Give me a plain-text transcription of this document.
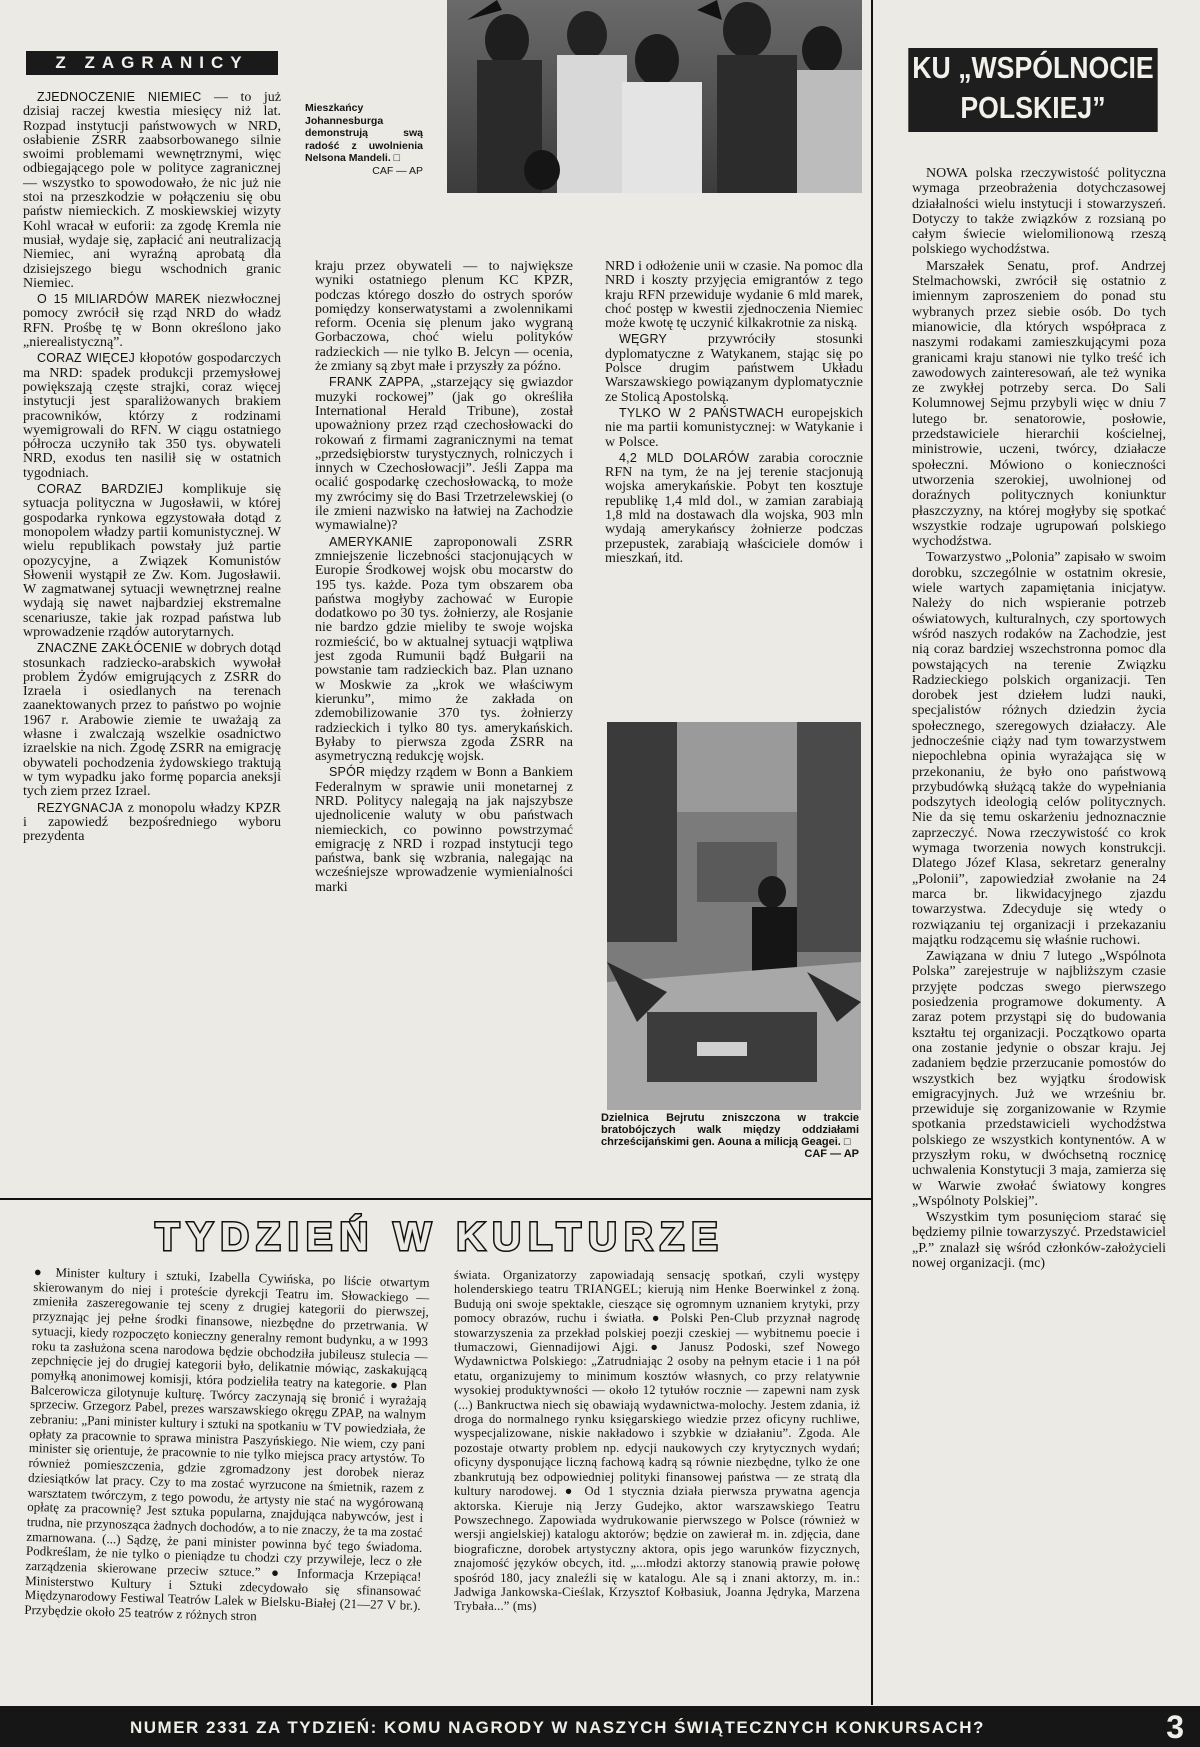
Z ZAGRANICY
Mieszkańcy Johannesburga demonstrują swą radość z uwolnienia Nelsona Mandeli. □
CAF — AP
KU „WSPÓLNOCIE
POLSKIEJ”

ZJEDNOCZENIE NIEMIEC — to już dzisiaj raczej kwestia miesięcy niż lat. Rozpad instytucji państwowych w NRD, osłabienie ZSRR zaabsorbowanego silnie swoimi problemami wewnętrznymi, więc odbiegającego pole w polityce zagranicznej — wszystko to spowodowało, że nic już nie stoi na przeszkodzie w połączeniu się obu państw niemieckich. Z moskiewskiej wizyty Kohl wracał w euforii: za zgodę Kremla nie musiał, wydaje się, zapłacić ani neutralizacją Niemiec, ani wyraźną aprobatą dla dzisiejszego biegu wschodnich granic Niemiec.

O 15 MILIARDÓW MAREK niezwłocznej pomocy zwrócił się rząd NRD do władz RFN. Prośbę tę w Bonn określono jako „nierealistyczną”.

CORAZ WIĘCEJ kłopotów gospodarczych ma NRD: spadek produkcji przemysłowej powiększają częste strajki, coraz więcej instytucji jest sparaliżowanych brakiem pracowników, którzy z rodzinami wyemigrowali do RFN. W ciągu ostatniego półrocza uczyniło tak 350 tys. obywateli NRD, exodus ten nasilił się w ostatnich tygodniach.

CORAZ BARDZIEJ komplikuje się sytuacja polityczna w Jugosławii, w której gospodarka rynkowa egzystowała dotąd z monopolem władzy partii komunistycznej. W wielu republikach powstały już partie opozycyjne, a Związek Komunistów Słowenii wystąpił ze Zw. Kom. Jugosławii. W zagmatwanej sytuacji wewnętrznej realne wydają się nawet najbardziej ekstremalne scenariusze, takie jak rozpad państwa lub wprowadzenie rządów autorytarnych.

ZNACZNE ZAKŁÓCENIE w dobrych dotąd stosunkach radziecko-arabskich wywołał problem Żydów emigrujących z ZSRR do Izraela i osiedlanych na terenach zaanektowanych przez to państwo po wojnie 1967 r. Arabowie ziemie te uważają za własne i zwalczają wszelkie osadnictwo izraelskie na nich. Zgodę ZSRR na emigrację obywateli pochodzenia żydowskiego traktują w tym wypadku jako formę poparcia aneksji tych ziem przez Izrael.

REZYGNACJA z monopolu władzy KPZR i zapowiedź bezpośredniego wyboru prezydenta

kraju przez obywateli — to największe wyniki ostatniego plenum KC KPZR, podczas którego doszło do ostrych sporów pomiędzy konserwatystami a zwolennikami reform. Ocenia się plenum jako wygraną Gorbaczowa, choć wielu polityków radzieckich — nie tylko B. Jelcyn — ocenia, że zmiany są zbyt małe i przyszły za późno.

FRANK ZAPPA, „starzejący się gwiazdor muzyki rockowej” (jak go określiła International Herald Tribune), został upoważniony przez rząd czechosłowacki do rokowań z firmami zagranicznymi na temat „przedsiębiorstw turystycznych, rolniczych i innych w Czechosłowacji”. Jeśli Zappa ma ocalić gospodarkę czechosłowacką, to może my zwrócimy się do Basi Trzetrzelewskiej (o ile zmieni nazwisko na łatwiej na Zachodzie wymawialne)?

AMERYKANIE zaproponowali ZSRR zmniejszenie liczebności stacjonujących w Europie Środkowej wojsk obu mocarstw do 195 tys. każde. Poza tym obszarem oba państwa mogłyby zachować w Europie dodatkowo po 30 tys. żołnierzy, ale Rosjanie nie bardzo gdzie mieliby te swoje wojska rozmieścić, bo w aktualnej sytuacji wątpliwa jest zgoda Rumunii bądź Bułgarii na powstanie tam radzieckich baz. Plan uznano w Moskwie za „krok we właściwym kierunku”, mimo że zakłada on zdemobilizowanie 370 tys. żołnierzy radzieckich i tylko 80 tys. amerykańskich. Byłaby to pierwsza zgoda ZSRR na asymetryczną redukcję wojsk.

SPÓR między rządem w Bonn a Bankiem Federalnym w sprawie unii monetarnej z NRD. Politycy nalegają na jak najszybsze ujednolicenie waluty w obu państwach niemieckich, co powinno powstrzymać emigrację z NRD i rozpad instytucji tego państwa, bank się wzbrania, nalegając na wcześniejsze wprowadzenie wymienialności marki

NRD i odłożenie unii w czasie. Na pomoc dla NRD i koszty przyjęcia emigrantów z tego kraju RFN przewiduje wydanie 6 mld marek, choć postęp w kwestii zjednoczenia Niemiec może kwotę tę uczynić kilkakrotnie za niską.

WĘGRY przywróciły stosunki dyplomatyczne z Watykanem, stając się po Polsce drugim państwem Układu Warszawskiego powiązanym dyplomatycznie ze Stolicą Apostolską.

TYLKO W 2 PAŃSTWACH europejskich nie ma partii komunistycznej: w Watykanie i w Polsce.

4,2 MLD DOLARÓW zarabia corocznie RFN na tym, że na jej terenie stacjonują wojska amerykańskie. Pobyt ten kosztuje republikę 1,4 mld dol., w zamian zarabiają 1,8 mld na dostawach dla wojska, 903 mln wydają amerykańscy żołnierze podczas przepustek, zarabiają właściciele domów i mieszkań, itd.

Dzielnica Bejrutu zniszczona w trakcie bratobójczych walk między oddziałami chrześcijańskimi gen. Aouna a milicją Geagei. □
CAF — AP

NOWA polska rzeczywistość polityczna wymaga przeobrażenia dotychczasowej działalności wielu instytucji i stowarzyszeń. Dotyczy to także związków z rozsianą po całym świecie wielomilionową rzeszą polskiego wychodźstwa.

Marszałek Senatu, prof. Andrzej Stelmachowski, zwrócił się ostatnio z imiennym zaproszeniem do ponad stu wybranych przez siebie osób. Do tych mianowicie, dla których współpraca z naszymi rodakami zamieszkującymi poza granicami kraju stanowi nie tylko treść ich zawodowych zainteresowań, ale też wynika ze zwykłej potrzeby serca. Do Sali Kolumnowej Sejmu przybyli więc w dniu 7 lutego br. senatorowie, posłowie, przedstawiciele hierarchii kościelnej, ministrowie, uczeni, twórcy, działacze społeczni. Mówiono o konieczności utworzenia szerokiej, uwolnionej od doraźnych politycznych koniunktur płaszczyzny, na której mogłyby się spotkać wszystkie rodzaje ugrupowań polskiego wychodźstwa.

Towarzystwo „Polonia” zapisało w swoim dorobku, szczególnie w ostatnim okresie, wiele wartych zapamiętania inicjatyw. Należy do nich wspieranie potrzeb oświatowych, kulturalnych, czy sportowych wśród naszych rodaków na Zachodzie, jest nią coraz bardziej wszechstronna pomoc dla powstających na terenie Związku Radzieckiego polskich organizacji. Ten dorobek jest dziełem ludzi nauki, specjalistów różnych dziedzin życia społecznego, szeregowych działaczy. Ale jednocześnie ciąży nad tym towarzystwem niepochlebna opinia wyrażająca się w przekonaniu, że było ono państwową przybudówką służącą także do wypełniania podszytych ideologią celów politycznych. Nie da się temu oskarżeniu jednoznacznie zaprzeczyć. Nowa rzeczywistość co krok wymaga tworzenia nowych konstrukcji. Dlatego Józef Klasa, sekretarz generalny „Polonii”, zapowiedział zwołanie na 24 marca br. likwidacyjnego zjazdu towarzystwa. Zdecyduje się wtedy o rozwiązaniu tej organizacji i przekazaniu majątku rodzącemu się właśnie ruchowi.

Zawiązana w dniu 7 lutego „Wspólnota Polska” zarejestruje w najbliższym czasie przyjęte podczas swego pierwszego posiedzenia programowe dokumenty. A zaraz potem przystąpi się do budowania kształtu tej organizacji. Początkowo oparta ona zostanie jedynie o obszar kraju. Jej zadaniem będzie przerzucanie pomostów do wszystkich bez wyjątku środowisk emigracyjnych. Już we wrześniu br. przewiduje się zorganizowanie w Rzymie spotkania przedstawicieli wychodźstwa polskiego ze wszystkich kontynentów. A w przyszłym roku, w dwóchsetną rocznicę uchwalenia Konstytucji 3 maja, zamierza się w Warwie zwołać światowy kongres „Wspólnoty Polskiej”.

Wszystkim tym posunięciom starać się będziemy pilnie towarzyszyć. Przedstawiciel „P.” znalazł się wśród członków-założycieli nowej organizacji. (mc)

TYDZIEŃ W KULTURZE

● Minister kultury i sztuki, Izabella Cywińska, po liście otwartym skierowanym do niej i proteście dyrekcji Teatru im. Słowackiego — zmieniła zaszeregowanie tej sceny z drugiej kategorii do pierwszej, przyznając jej pełne środki finansowe, niezbędne do przetrwania. W sytuacji, kiedy rozpoczęto konieczny generalny remont budynku, a w 1993 roku ta zasłużona scena narodowa będzie obchodziła jubileusz stulecia — zepchnięcie jej do drugiej kategorii było, delikatnie mówiąc, zaskakującą pomyłką anonimowej komisji, która podzieliła teatry na kategorie. ● Plan Balcerowicza gilotynuje kulturę. Twórcy zaczynają się bronić i wyrażają sprzeciw. Grzegorz Pabel, prezes warszawskiego okręgu ZPAP, na walnym zebraniu: „Pani minister kultury i sztuki na spotkaniu w TV powiedziała, że opłaty za pracownie to sprawa ministra Paszyńskiego. Nie wiem, czy pani minister się orientuje, że pracownie to nie tylko miejsca pracy artystów. To również pomieszczenia, gdzie zgromadzony jest dorobek nieraz dziesiątków lat pracy. Czy to ma zostać wyrzucone na śmietnik, razem z warsztatem twórczym, z tego powodu, że artysty nie stać na wygórowaną opłatę za pracownię? Jest sztuka popularna, znajdująca nabywców, jest i trudna, nie przynosząca żadnych dochodów, a to nie znaczy, że ta ma zostać zmarnowana. (...) Sądzę, że pani minister powinna być tego świadoma. Podkreślam, że nie tylko o pieniądze tu chodzi czy przywileje, lecz o złe zarządzenia skierowane przeciw sztuce.” ● Informacja Krzepiąca! Ministerstwo Kultury i Sztuki zdecydowało się sfinansować Międzynarodowy Festiwal Teatrów Lalek w Bielsku-Białej (21—27 V br.). Przybędzie około 25 teatrów z różnych stron

świata. Organizatorzy zapowiadają sensację spotkań, czyli występy holenderskiego teatru TRIANGEL; kierują nim Henke Boerwinkel z żoną. Budują oni swoje spektakle, cieszące się ogromnym uznaniem krytyki, przy pomocy obrazów, ruchu i światła. ● Polski Pen-Club przyznał nagrodę stowarzyszenia za przekład polskiej poezji czeskiej — wybitnemu poecie i tłumaczowi, Giennadijowi Ajgi. ● Janusz Podoski, szef Nowego Wydawnictwa Polskiego: „Zatrudniając 2 osoby na pełnym etacie i 1 na pół etatu, organizujemy to minimum kosztów własnych, co przy relatywnie wysokiej produktywności — około 12 tytułów rocznie — zapewni nam zysk (...) Bankructwa niech się obawiają wydawnictwa-molochy. Jestem zdania, iż droga do normalnego rynku księgarskiego wiedzie przez oficyny ruchliwe, wyspecjalizowane, niskie nakładowo i szybkie w działaniu”. Zgoda. Ale pozostaje otwarty problem np. edycji naukowych czy krytycznych wydań; oficyny dysponujące liczną fachową kadrą są równie niezbędne, tylko że one zbankrutują bez odpowiedniej polityki finansowej państwa — ze stratą dla kultury narodowej. ● Od 1 stycznia działa pierwsza prywatna agencja aktorska. Kieruje nią Jerzy Gudejko, aktor warszawskiego Teatru Powszechnego. Zapowiada wydrukowanie pierwszego w Polsce (również w wersji angielskiej) katalogu aktorów; będzie on zawierał m. in. zdjęcia, dane biograficzne, dorobek artystyczny aktora, opis jego warunków fizycznych, znajomość języków obcych, itd. „...młodzi aktorzy stanowią prawie połowę spośród 180, jacy znaleźli się w katalogu. Ale są i znani aktorzy, m. in.: Jadwiga Jankowska-Cieślak, Krzysztof Kołbasiuk, Joanna Jędryka, Marzena Trybała...” (ms)

NUMER 2331 ZA TYDZIEŃ: KOMU NAGRODY W NASZYCH ŚWIĄTECZNYCH KONKURSACH?	3
